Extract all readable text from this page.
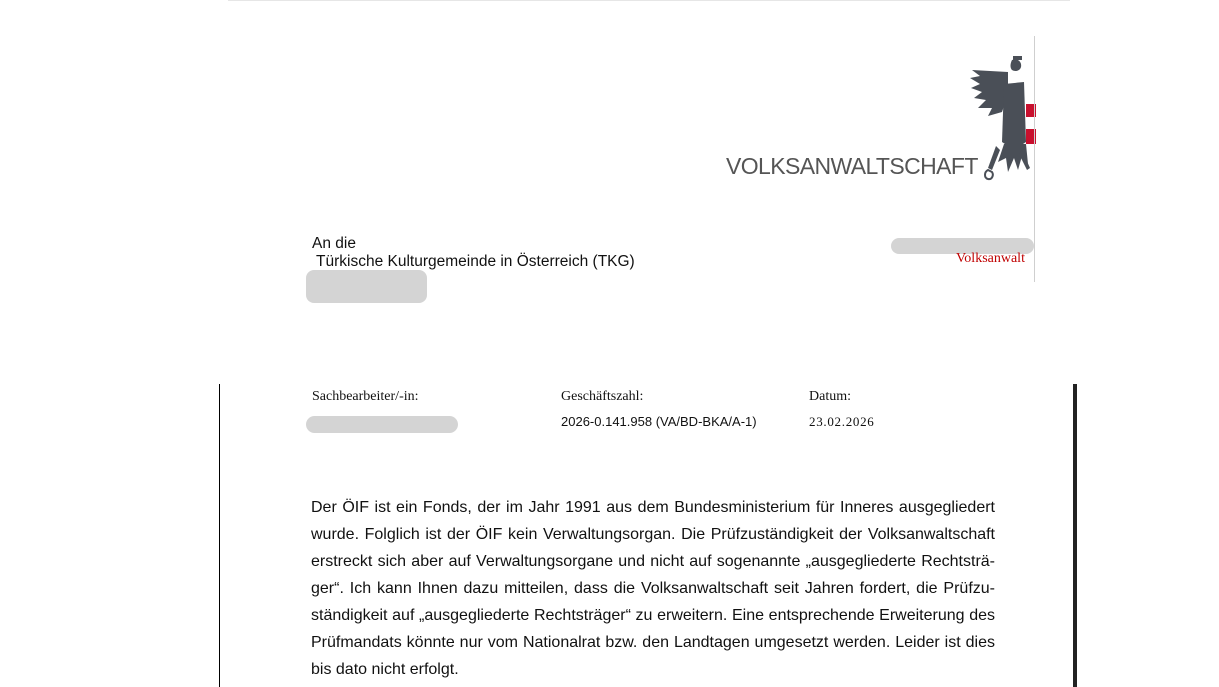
VOLKSANWALTSCHAFT
Volksanwalt
An die
Türkische Kulturgemeinde in Österreich (TKG)
Sachbearbeiter/-in:	Geschäftszahl:
2026-0.141.958 (VA/BD-BKA/A-1)
Datum:
23.02.2026
Der ÖIF ist ein Fonds, der im Jahr 1991 aus dem Bundesministerium für Inneres ausgegliedert
wurde. Folglich ist der ÖIF kein Verwaltungsorgan. Die Prüfzuständigkeit der Volksanwaltschaft
erstreckt sich aber auf Verwaltungsorgane und nicht auf sogenannte „ausgegliederte Rechtsträ-
ger“. Ich kann Ihnen dazu mitteilen, dass die Volksanwaltschaft seit Jahren fordert, die Prüfzu-
ständigkeit auf „ausgegliederte Rechtsträger“ zu erweitern. Eine entsprechende Erweiterung des
Prüfmandats könnte nur vom Nationalrat bzw. den Landtagen umgesetzt werden. Leider ist dies
bis dato nicht erfolgt.
